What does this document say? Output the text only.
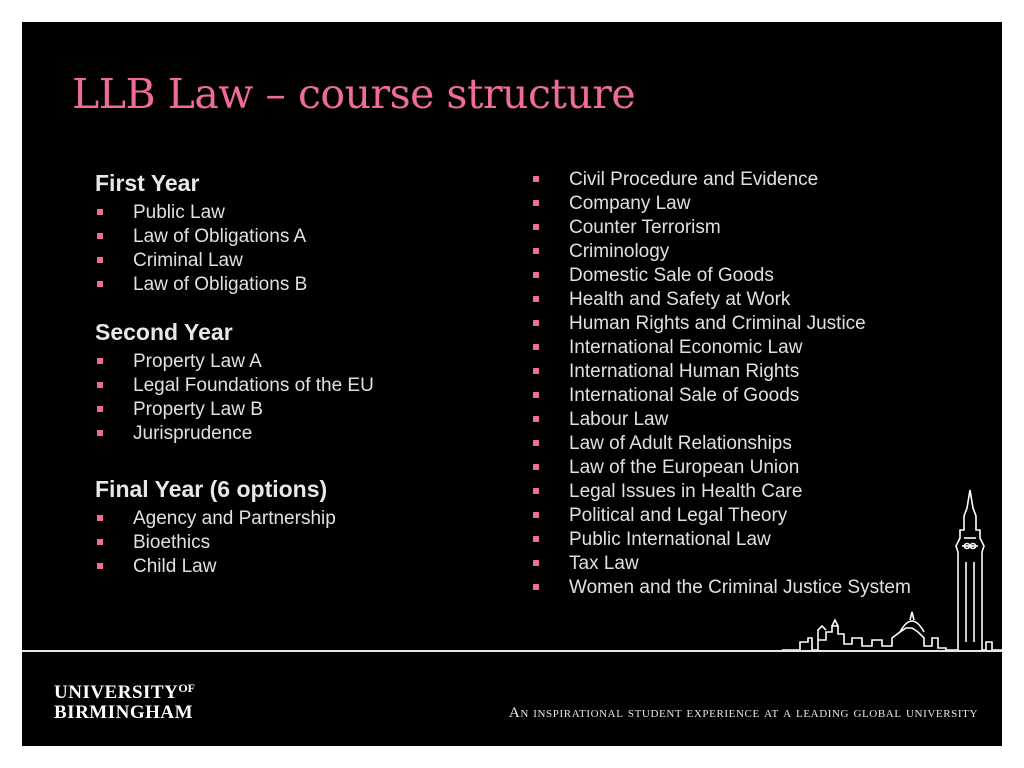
LLB Law – course structure
First Year
Public Law
Law of Obligations A
Criminal Law
Law of Obligations B
Second Year
Property Law A
Legal Foundations of the EU
Property Law B
Jurisprudence
Final Year (6 options)
Agency and Partnership
Bioethics
Child Law
Civil Procedure and Evidence
Company Law
Counter Terrorism
Criminology
Domestic Sale of Goods
Health and Safety at Work
Human Rights and Criminal Justice
International Economic Law
International Human Rights
International Sale of Goods
Labour Law
Law of Adult Relationships
Law of the European Union
Legal Issues in Health Care
Political and Legal Theory
Public International Law
Tax Law
Women and the Criminal Justice System
$UNIVERSITY^{OF}$
BIRMINGHAM	An inspirational student experience at a leading global university
